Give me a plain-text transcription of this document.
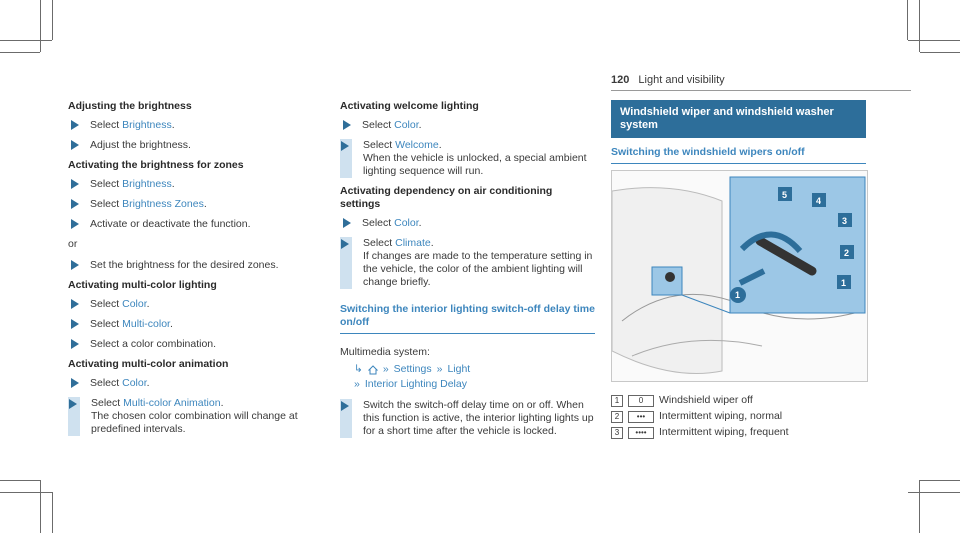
120 Light and visibility
Adjusting the brightness
Select Brightness.
Adjust the brightness.
Activating the brightness for zones
Select Brightness.
Select Brightness Zones.
Activate or deactivate the function.
or
Set the brightness for the desired zones.
Activating multi-color lighting
Select Color.
Select Multi-color.
Select a color combination.
Activating multi-color animation
Select Color.
Select Multi-color Animation.
The chosen color combination will change at predefined intervals.
Activating welcome lighting
Select Color.
Select Welcome.
When the vehicle is unlocked, a special ambient lighting sequence will run.
Activating dependency on air conditioning settings
Select Color.
Select Climate.
If changes are made to the temperature setting in the vehicle, the color of the ambient lighting will change briefly.
Switching the interior lighting switch-off delay time on/off
Multimedia system:
↳ » Settings » Light
» Interior Lighting Delay
Switch the switch-off delay time on or off. When this function is active, the interior lighting lights up for a short time after the vehicle is locked.
Windshield wiper and windshield washer system
Switching the windshield wipers on/off
1
1
2
3
4
5
1	0	Windshield wiper off
2	•••	Intermittent wiping, normal
3	••••	Intermittent wiping, frequent
